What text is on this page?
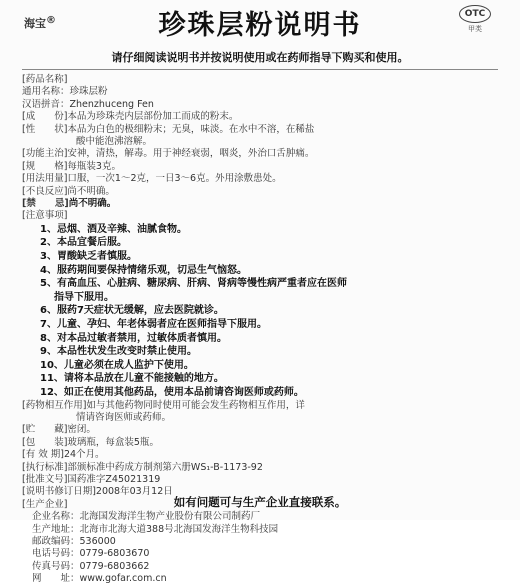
海宝®	珍珠层粉说明书	OTC
甲类
请仔细阅读说明书并按说明使用或在药师指导下购买和使用。
[药品名称]
通用名称：珍珠层粉
汉语拼音：Zhenzhuceng Fen
[成　　份]本品为珍珠壳内层部份加工而成的粉末。
[性　　状]本品为白色的极细粉末；无臭，味淡。在水中不溶，在稀盐
酸中能泡沸溶解。
[功能主治]安神，清热，解毒。用于神经衰弱，咽炎，外治口舌肿痛。
[规　　格]每瓶装3克。
[用法用量]口服，一次1～2克，一日3～6克。外用涂敷患处。
[不良反应]尚不明确。
[禁　　忌]尚不明确。
[注意事项]
1、忌烟、酒及辛辣、油腻食物。
2、本品宜餐后服。
3、胃酸缺乏者慎服。
4、服药期间要保持情绪乐观，切忌生气恼怒。
5、有高血压、心脏病、糖尿病、肝病、肾病等慢性病严重者应在医师
指导下服用。
6、服药7天症状无缓解，应去医院就诊。
7、儿童、孕妇、年老体弱者应在医师指导下服用。
8、对本品过敏者禁用，过敏体质者慎用。
9、本品性状发生改变时禁止使用。
10、儿童必须在成人监护下使用。
11、请将本品放在儿童不能接触的地方。
12、如正在使用其他药品，使用本品前请咨询医师或药师。
[药物相互作用]如与其他药物同时使用可能会发生药物相互作用，详
情请咨询医师或药师。
[贮　　藏]密闭。
[包　　装]玻璃瓶，每盒装5瓶。
[有 效 期]24个月。
[执行标准]部颁标准中药成方制剂第六册WS₁-B-1173-92
[批准文号]国药准字Z45021319
[说明书修订日期]2008年03月12日
[生产企业]
企业名称：北海国发海洋生物产业股份有限公司制药厂
生产地址：北海市北海大道388号北海国发海洋生物科技园
邮政编码：536000
电话号码：0779-6803670
传真号码：0779-6803662
网　　址：www.gofar.com.cn
如有问题可与生产企业直接联系。
